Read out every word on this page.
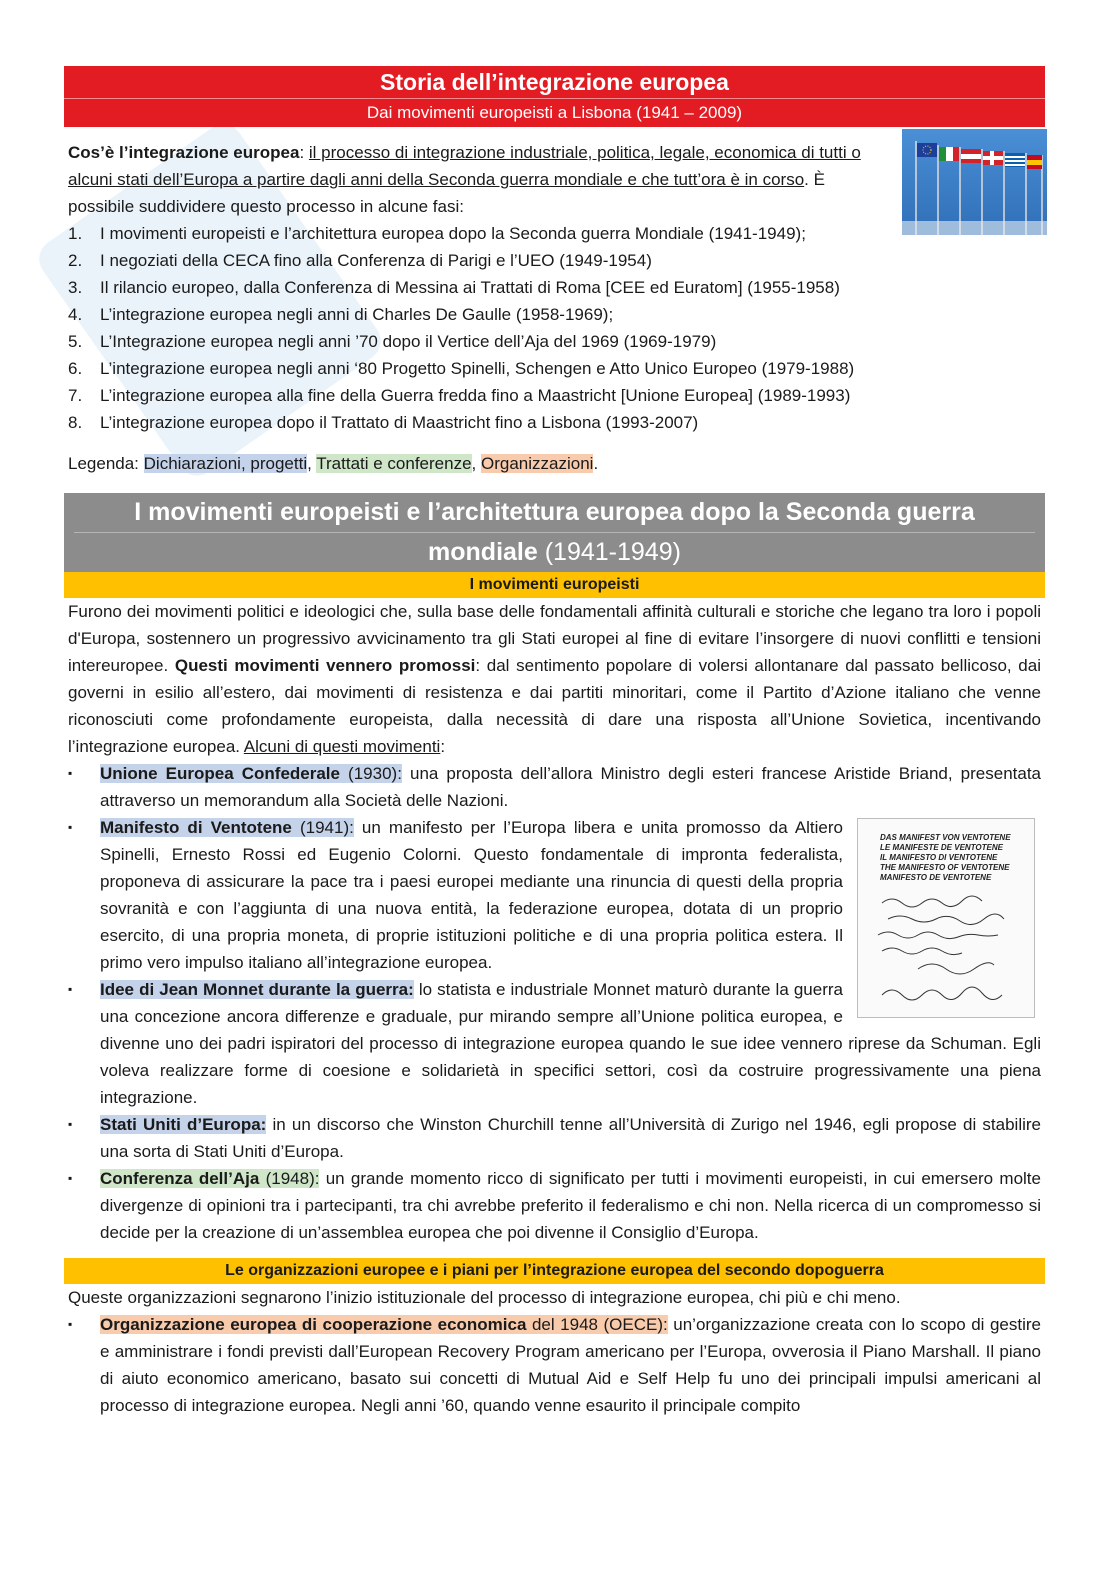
Storia dell’integrazione europea
Dai movimenti europeisti a Lisbona (1941 – 2009)

Cos’è l’integrazione europea: il processo di integrazione industriale, politica, legale, economica di tutti o alcuni stati dell’Europa a partire dagli anni della Seconda guerra mondiale e che tutt’ora è in corso. È possibile suddividere questo processo in alcune fasi:

1.	I movimenti europeisti e l’architettura europea dopo la Seconda guerra Mondiale (1941-1949);
2.	I negoziati della CECA fino alla Conferenza di Parigi e l’UEO (1949-1954)
3.	Il rilancio europeo, dalla Conferenza di Messina ai Trattati di Roma [CEE ed Euratom] (1955-1958)
4.	L’integrazione europea negli anni di Charles De Gaulle (1958-1969);
5.	L’Integrazione europea negli anni ’70 dopo il Vertice dell’Aja del 1969 (1969-1979)
6.	L’integrazione europea negli anni ‘80 Progetto Spinelli, Schengen e Atto Unico Europeo (1979-1988)
7.	L’integrazione europea alla fine della Guerra fredda fino a Maastricht [Unione Europea] (1989-1993)
8.	L’integrazione europea dopo il Trattato di Maastricht fino a Lisbona (1993-2007)
Legenda: Dichiarazioni, progetti, Trattati e conferenze, Organizzazioni.
I movimenti europeisti e l’architettura europea dopo la Seconda guerra
mondiale (1941-1949)
I movimenti europeisti

Furono dei movimenti politici e ideologici che, sulla base delle fondamentali affinità culturali e storiche che legano tra loro i popoli d'Europa, sostennero un progressivo avvicinamento tra gli Stati europei al fine di evitare l’insorgere di nuovi conflitti e tensioni intereuropee. Questi movimenti vennero promossi: dal sentimento popolare di volersi allontanare dal passato bellicoso, dai governi in esilio all’estero, dai movimenti di resistenza e dai partiti minoritari, come il Partito d’Azione italiano che venne riconosciuti come profondamente europeista, dalla necessità di dare una risposta all’Unione Sovietica, incentivando l’integrazione europea. Alcuni di questi movimenti:

▪	Unione Europea Confederale (1930): una proposta dell’allora Ministro degli esteri francese Aristide Briand, presentata attraverso un memorandum alla Società delle Nazioni.
DAS MANIFEST VON VENTOTENE
LE MANIFESTE DE VENTOTENE
IL MANIFESTO DI VENTOTENE
THE MANIFESTO OF VENTOTENE
MANIFESTO DE VENTOTENE
▪	Manifesto di Ventotene (1941): un manifesto per l’Europa libera e unita promosso da Altiero Spinelli, Ernesto Rossi ed Eugenio Colorni. Questo fondamentale di impronta federalista, proponeva di assicurare la pace tra i paesi europei mediante una rinuncia di questi della propria sovranità e con l’aggiunta di una nuova entità, la federazione europea, dotata di un proprio esercito, di una propria moneta, di proprie istituzioni politiche e di una propria politica estera. Il primo vero impulso italiano all’integrazione europea.
▪	Idee di Jean Monnet durante la guerra: lo statista e industriale Monnet maturò durante la guerra una concezione ancora differenze e graduale, pur mirando sempre all’Unione politica europea, e divenne uno dei padri ispiratori del processo di integrazione europea quando le sue idee vennero riprese da Schuman. Egli voleva realizzare forme di coesione e solidarietà in specifici settori, così da costruire progressivamente una piena integrazione.
▪	Stati Uniti d’Europa: in un discorso che Winston Churchill tenne all’Università di Zurigo nel 1946, egli propose di stabilire una sorta di Stati Uniti d’Europa.
▪	Conferenza dell’Aja (1948): un grande momento ricco di significato per tutti i movimenti europeisti, in cui emersero molte divergenze di opinioni tra i partecipanti, tra chi avrebbe preferito il federalismo e chi non. Nella ricerca di un compromesso si decide per la creazione di un’assemblea europea che poi divenne il Consiglio d’Europa.
Le organizzazioni europee e i piani per l’integrazione europea del secondo dopoguerra

Queste organizzazioni segnarono l’inizio istituzionale del processo di integrazione europea, chi più e chi meno.

▪	Organizzazione europea di cooperazione economica del 1948 (OECE): un’organizzazione creata con lo scopo di gestire e amministrare i fondi previsti dall’European Recovery Program americano per l’Europa, ovverosia il Piano Marshall. Il piano di aiuto economico americano, basato sui concetti di Mutual Aid e Self Help fu uno dei principali impulsi americani al processo di integrazione europea. Negli anni ’60, quando venne esaurito il principale compito
